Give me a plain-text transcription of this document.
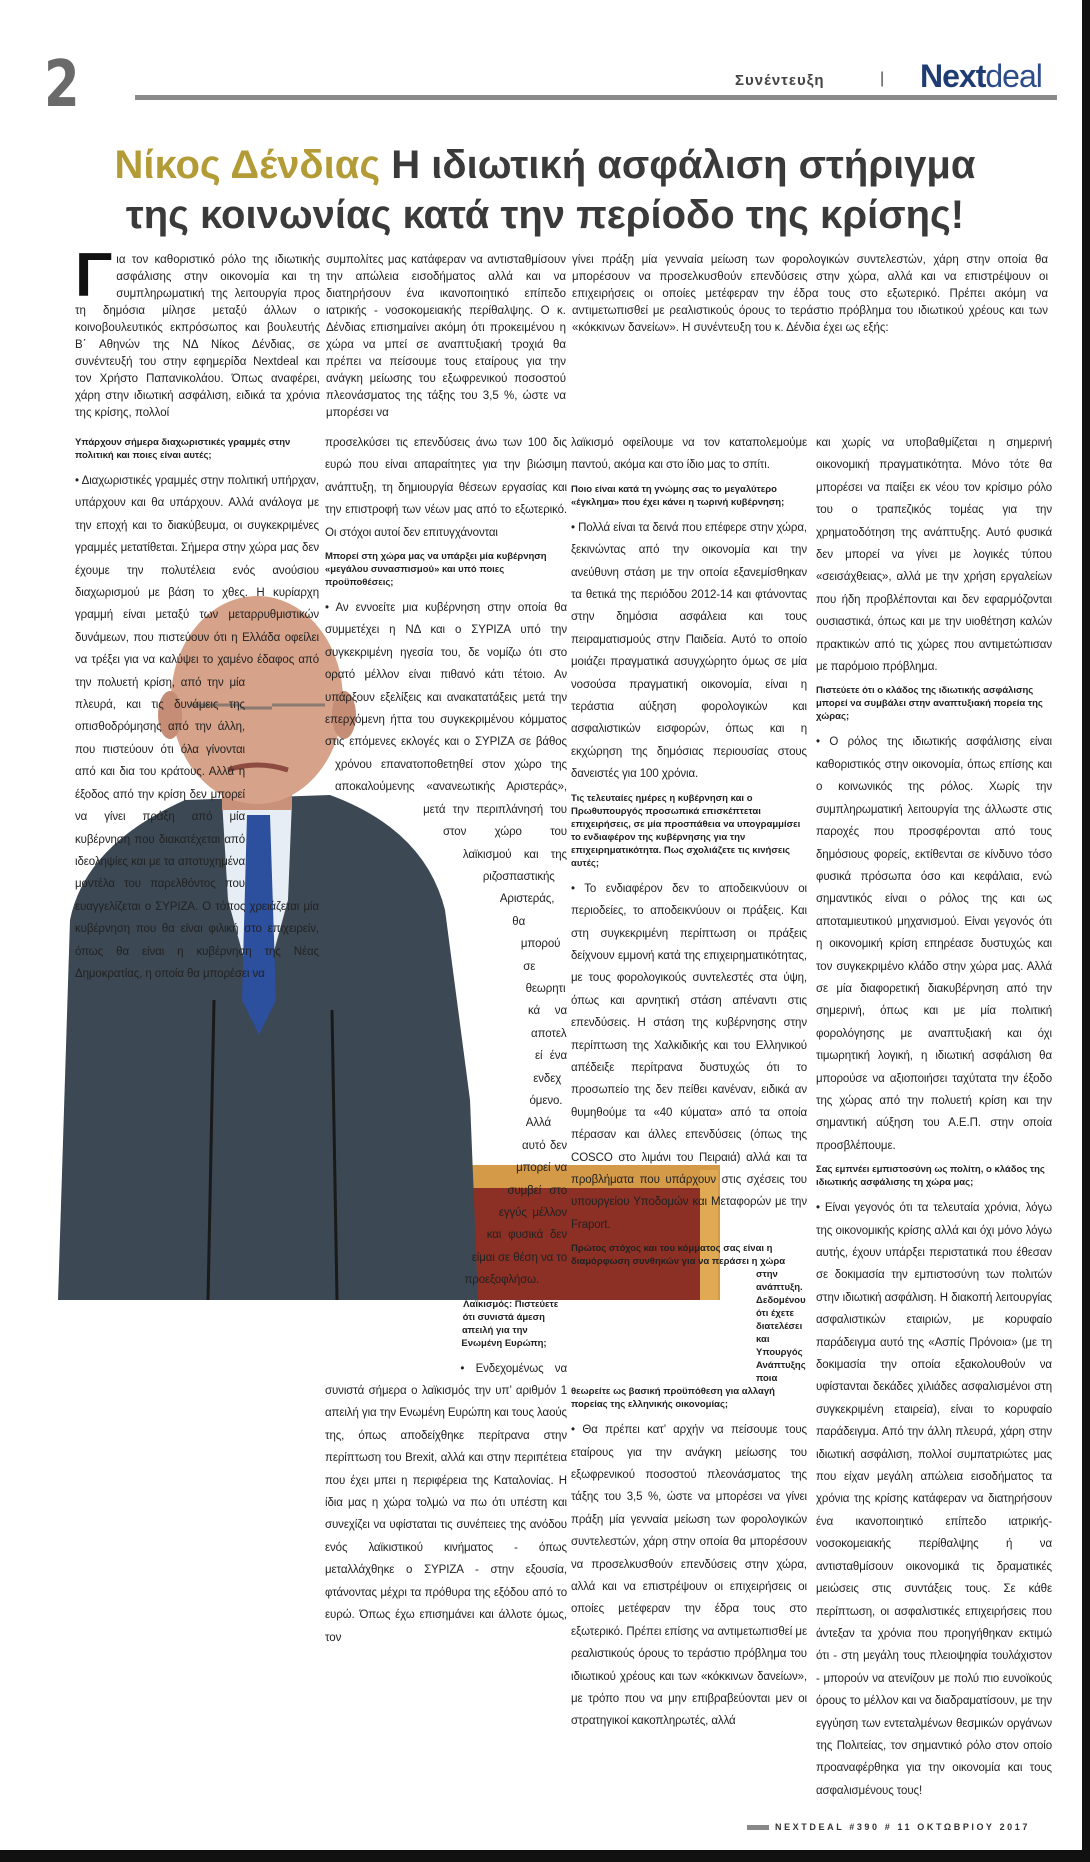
2	Συνέντευξη	| Nextdeal
Νίκος Δένδιας Η ιδιωτική ασφάλιση στήριγμα
της κοινωνίας κατά την περίοδο της κρίσης!
Για τον καθοριστικό ρόλο της ιδιωτικής ασφάλισης στην οικονομία και τη συμπληρωματική της λειτουργία προς τη δημόσια μίλησε μεταξύ άλλων ο κοινοβουλευτικός εκπρόσωπος και βουλευτής Β΄ Αθηνών της ΝΔ Νίκος Δένδιας, σε συνέντευξή του στην εφημερίδα Nextdeal και τον Χρήστο Παπανικολάου. Όπως αναφέρει, χάρη στην ιδιωτική ασφάλιση, ειδικά τα χρόνια της κρίσης, πολλοί
συμπολίτες μας κατάφεραν να αντισταθμίσουν την απώλεια εισοδήματος αλλά και να διατηρήσουν ένα ικανοποιητικό επίπεδο ιατρικής - νοσοκομειακής περίθαλψης. Ο κ. Δένδιας επισημαίνει ακόμη ότι προκειμένου η χώρα να μπεί σε αναπτυξιακή τροχιά θα πρέπει να πείσουμε τους εταίρους για την ανάγκη μείωσης του εξωφρενικού ποσοστού πλεονάσματος της τάξης του 3,5 %, ώστε να μπορέσει να
γίνει πράξη μία γενναία μείωση των φορολογικών συντελεστών, χάρη στην οποία θα μπορέσουν να προσελκυσθούν επενδύσεις στην χώρα, αλλά και να επιστρέψουν οι επιχειρήσεις οι οποίες μετέφεραν την έδρα τους στο εξωτερικό. Πρέπει ακόμη να αντιμετωπισθεί με ρεαλιστικούς όρους το τεράστιο πρόβλημα του ιδιωτικού χρέους και των «κόκκινων δανείων». Η συνέντευξη του κ. Δένδια έχει ως εξής:

Υπάρχουν σήμερα διαχωριστικές γραμμές στην πολιτική και ποιες είναι αυτές;

• Διαχωριστικές γραμμές στην πολιτική υπήρχαν, υπάρχουν και θα υπάρχουν. Αλλά ανάλογα με την εποχή και το διακύβευμα, οι συγκεκριμένες γραμμές μετατίθεται. Σήμερα στην χώρα μας δεν έχουμε την πολυτέλεια ενός ανούσιου διαχωρισμού με βάση το χθες. Η κυρίαρχη γραμμή είναι μεταξύ των μεταρρυθμιστικών δυνάμεων, που πιστεύουν ότι η Ελλάδα οφείλει να τρέξει για να καλύψει το χαμένο έδαφος από την πολυετή κρίση, από την μία πλευρά, και τις δυνάμεις της οπισθοδρόμησης από την άλλη, που πιστεύουν ότι όλα γίνονται από και δια του κράτους. Αλλά η έξοδος από την κρίση δεν μπορεί να γίνει πράξη από μία κυβέρνηση που διακατέχεται από ιδεοληψίες και με τα αποτυχημένα μοντέλα του παρελθόντος που ευαγγελίζεται ο ΣΥΡΙΖΑ. Ο τόπος χρειάζεται μία κυβέρνηση που θα είναι φιλική στο επιχειρείν, όπως θα είναι η κυβέρνηση της Νέας Δημοκρατίας, η οποία θα μπορέσει να

προσελκύσει τις επενδύσεις άνω των 100 δις ευρώ που είναι απαραίτητες για την βιώσιμη ανάπτυξη, τη δημιουργία θέσεων εργασίας και την επιστροφή των νέων μας από το εξωτερικό. Οι στόχοι αυτοί δεν επιτυγχάνονται

Μπορεί στη χώρα μας να υπάρξει μία κυβέρνηση «μεγάλου συνασπισμού» και υπό ποιες προϋποθέσεις;

• Αν εννοείτε μια κυβέρνηση στην οποία θα συμμετέχει η ΝΔ και ο ΣΥΡΙΖΑ υπό την συγκεκριμένη ηγεσία του, δε νομίζω ότι στο ορατό μέλλον είναι πιθανό κάτι τέτοιο. Αν υπάρξουν εξελίξεις και ανακατατάξεις μετά την επερχόμενη ήττα του συγκεκριμένου κόμματος στις επόμενες εκλογές και ο ΣΥΡΙΖΑ σε βάθος χρόνου επανατοποθετηθεί στον χώρο της αποκαλούμενης «ανανεωτικής Αριστεράς», μετά την περιπλάνησή του στον χώρο του λαϊκισμού και της ριζοσπαστικής Αριστεράς, θα μπορούσε θεωρητικά να αποτελεί ένα ενδεχόμενο. Αλλά αυτό δεν μπορεί να συμβεί στο εγγύς μέλλον και φυσικά δεν είμαι σε θέση να το προεξοφλήσω.

Λαϊκισμός: Πιστεύετε ότι συνιστά άμεση απειλή για την Ενωμένη Ευρώπη;

• Ενδεχομένως να συνιστά σήμερα ο λαϊκισμός την υπ’ αριθμόν 1 απειλή για την Ενωμένη Ευρώπη και τους λαούς της, όπως αποδείχθηκε περίτρανα στην περίπτωση του Brexit, αλλά και στην περιπέτεια που έχει μπει η περιφέρεια της Καταλονίας. Η ίδια μας η χώρα τολμώ να πω ότι υπέστη και συνεχίζει να υφίσταται τις συνέπειες της ανόδου ενός λαϊκιστικού κινήματος - όπως μεταλλάχθηκε ο ΣΥΡΙΖΑ - στην εξουσία, φτάνοντας μέχρι τα πρόθυρα της εξόδου από το ευρώ. Όπως έχω επισημάνει και άλλοτε όμως, τον

λαϊκισμό οφείλουμε να τον καταπολεμούμε παντού, ακόμα και στο ίδιο μας το σπίτι.

Ποιο είναι κατά τη γνώμης σας το μεγαλύτερο «έγκλημα» που έχει κάνει η τωρινή κυβέρνηση;

• Πολλά είναι τα δεινά που επέφερε στην χώρα, ξεκινώντας από την οικονομία και την ανεύθυνη στάση με την οποία εξανεμίσθηκαν τα θετικά της περιόδου 2012-14 και φτάνοντας στην δημόσια ασφάλεια και τους πειραματισμούς στην Παιδεία. Αυτό το οποίο μοιάζει πραγματικά ασυγχώρητο όμως σε μία νοσούσα πραγματική οικονομία, είναι η τεράστια αύξηση φορολογικών και ασφαλιστικών εισφορών, όπως και η εκχώρηση της δημόσιας περιουσίας στους δανειστές για 100 χρόνια.

Τις τελευταίες ημέρες η κυβέρνηση και ο Πρωθυπουργός προσωπικά επισκέπτεται επιχειρήσεις, σε μία προσπάθεια να υπογραμμίσει το ενδιαφέρον της κυβέρνησης για την επιχειρηματικότητα. Πως σχολιάζετε τις κινήσεις αυτές;

• Το ενδιαφέρον δεν το αποδεικνύουν οι περιοδείες, το αποδεικνύουν οι πράξεις. Και στη συγκεκριμένη περίπτωση οι πράξεις δείχνουν εμμονή κατά της επιχειρηματικότητας, με τους φορολογικούς συντελεστές στα ύψη, όπως και αρνητική στάση απέναντι στις επενδύσεις. Η στάση της κυβέρνησης στην περίπτωση της Χαλκιδικής και του Ελληνικού απέδειξε περίτρανα δυστυχώς ότι το προσωπείο της δεν πείθει κανέναν, ειδικά αν θυμηθούμε τα «40 κύματα» από τα οποία πέρασαν και άλλες επενδύσεις (όπως της COSCO στο λιμάνι του Πειραιά) αλλά και τα προβλήματα που υπάρχουν στις σχέσεις του υπουργείου Υποδομών και Μεταφορών με την Fraport.

Πρώτος στόχος και του κόμματος σας είναι η διαμόρφωση συνθηκών για να περάσει η χώρα στην ανάπτυξη. Δεδομένου ότι έχετε διατελέσει και Υπουργός Ανάπτυξης ποια θεωρείτε ως βασική προϋπόθεση για αλλαγή πορείας της ελληνικής οικονομίας;

• Θα πρέπει κατ’ αρχήν να πείσουμε τους εταίρους για την ανάγκη μείωσης του εξωφρενικού ποσοστού πλεονάσματος της τάξης του 3,5 %, ώστε να μπορέσει να γίνει πράξη μία γενναία μείωση των φορολογικών συντελεστών, χάρη στην οποία θα μπορέσουν να προσελκυσθούν επενδύσεις στην χώρα, αλλά και να επιστρέψουν οι επιχειρήσεις οι οποίες μετέφεραν την έδρα τους στο εξωτερικό. Πρέπει επίσης να αντιμετωπισθεί με ρεαλιστικούς όρους το τεράστιο πρόβλημα του ιδιωτικού χρέους και των «κόκκινων δανείων», με τρόπο που να μην επιβραβεύονται μεν οι στρατηγικοί κακοπληρωτές, αλλά

και χωρίς να υποβαθμίζεται η σημερινή οικονομική πραγματικότητα. Μόνο τότε θα μπορέσει να παίξει εκ νέου τον κρίσιμο ρόλο του ο τραπεζικός τομέας για την χρηματοδότηση της ανάπτυξης. Αυτό φυσικά δεν μπορεί να γίνει με λογικές τύπου «σεισάχθειας», αλλά με την χρήση εργαλείων που ήδη προβλέπονται και δεν εφαρμόζονται ουσιαστικά, όπως και με την υιοθέτηση καλών πρακτικών από τις χώρες που αντιμετώπισαν με παρόμοιο πρόβλημα.

Πιστεύετε ότι ο κλάδος της ιδιωτικής ασφάλισης μπορεί να συμβάλει στην αναπτυξιακή πορεία της χώρας;

• Ο ρόλος της ιδιωτικής ασφάλισης είναι καθοριστικός στην οικονομία, όπως επίσης και ο κοινωνικός της ρόλος. Χωρίς την συμπληρωματική λειτουργία της άλλωστε στις παροχές που προσφέρονται από τους δημόσιους φορείς, εκτίθενται σε κίνδυνο τόσο φυσικά πρόσωπα όσο και κεφάλαια, ενώ σημαντικός είναι ο ρόλος της και ως αποταμιευτικού μηχανισμού. Είναι γεγονός ότι η οικονομική κρίση επηρέασε δυστυχώς και τον συγκεκριμένο κλάδο στην χώρα μας. Αλλά σε μία διαφορετική διακυβέρνηση από την σημερινή, όπως και με μία πολιτική φορολόγησης με αναπτυξιακή και όχι τιμωρητική λογική, η ιδιωτική ασφάλιση θα μπορούσε να αξιοποιήσει ταχύτατα την έξοδο της χώρας από την πολυετή κρίση και την σημαντική αύξηση του Α.Ε.Π. στην οποία προσβλέπουμε.

Σας εμπνέει εμπιστοσύνη ως πολίτη, ο κλάδος της ιδιωτικής ασφάλισης τη χώρα μας;

• Είναι γεγονός ότι τα τελευταία χρόνια, λόγω της οικονομικής κρίσης αλλά και όχι μόνο λόγω αυτής, έχουν υπάρξει περιστατικά που έθεσαν σε δοκιμασία την εμπιστοσύνη των πολιτών στην ιδιωτική ασφάλιση. Η διακοπή λειτουργίας ασφαλιστικών εταιριών, με κορυφαίο παράδειγμα αυτό της «Ασπίς Πρόνοια» (με τη δοκιμασία την οποία εξακολουθούν να υφίστανται δεκάδες χιλιάδες ασφαλισμένοι στη συγκεκριμένη εταιρεία), είναι το κορυφαίο παράδειγμα. Από την άλλη πλευρά, χάρη στην ιδιωτική ασφάλιση, πολλοί συμπατριώτες μας που είχαν μεγάλη απώλεια εισοδήματος τα χρόνια της κρίσης κατάφεραν να διατηρήσουν ένα ικανοποιητικό επίπεδο ιατρικής-νοσοκομειακής περίθαλψης ή να αντισταθμίσουν οικονομικά τις δραματικές μειώσεις στις συντάξεις τους. Σε κάθε περίπτωση, οι ασφαλιστικές επιχειρήσεις που άντεξαν τα χρόνια που προηγήθηκαν εκτιμώ ότι - στη μεγάλη τους πλειοψηφία τουλάχιστον - μπορούν να ατενίζουν με πολύ πιο ευνοϊκούς όρους το μέλλον και να διαδραματίσουν, με την εγγύηση των εντεταλμένων θεσμικών οργάνων της Πολιτείας, τον σημαντικό ρόλο στον οποίο προαναφέρθηκα για την οικονομία και τους ασφαλισμένους τους!

NEXTDEAL #390 # 11 ΟΚΤΩΒΡΙΟΥ 2017
